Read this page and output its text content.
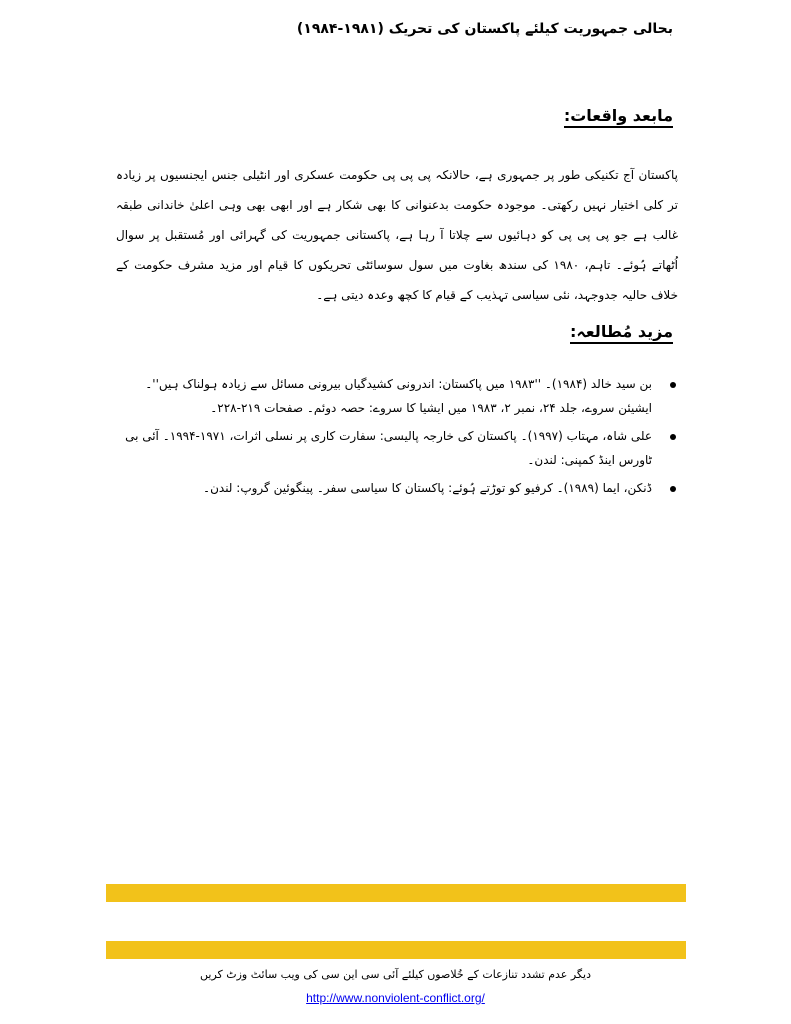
بحالی جمہوریت کیلئے پاکستان کی تحریک (۱۹۸۱-۱۹۸۴)
مابعد واقعات:

پاکستان آج تکنیکی طور پر جمہوری ہے، حالانکہ پی پی پی حکومت عسکری اور انٹیلی جنس ایجنسیوں پر زیادہ تر کلی اختیار نہیں رکھتی۔ موجودہ حکومت بدعنوانی کا بھی شکار ہے اور ابھی بھی وہی اعلیٰ خاندانی طبقہ غالب ہے جو پی پی پی کو دہائیوں سے چلاتا آ رہا ہے، پاکستانی جمہوریت کی گہرائی اور مُستقبل پر سوال اُٹھاتے ہُوئے۔ تاہم، ۱۹۸۰ کی سندھ بغاوت میں سول سوسائٹی تحریکوں کا قیام اور مزید مشرف حکومت کے خلاف حالیہ جدوجہد، نئی سیاسی تہذیب کے قیام کا کچھ وعدہ دیتی ہے۔

مزید مُطالعہ:
بن سید خالد (۱۹۸۴)۔ ''۱۹۸۳ میں پاکستان: اندرونی کشیدگیاں بیرونی مسائل سے زیادہ ہولناک ہیں''۔ ایشیئن سروے، جلد ۲۴، نمبر ۲، ۱۹۸۳ میں ایشیا کا سروے: حصہ دوئم۔ صفحات ۲۱۹-۲۲۸۔
علی شاہ، مہتاب (۱۹۹۷)۔ پاکستان کی خارجہ پالیسی: سفارت کاری پر نسلی اثرات، ۱۹۷۱-۱۹۹۴۔ آئی بی ٹاورس اینڈ کمپنی: لندن۔
ڈنکن، ایما (۱۹۸۹)۔ کرفیو کو توڑتے ہُوئے: پاکستان کا سیاسی سفر۔ پینگوئین گروپ: لندن۔
دیگر عدم تشدد تنازعات کے خُلاصوں کیلئے آئی سی این سی کی ویب سائٹ وزٹ کریں
http://www.nonviolent-conflict.org/
